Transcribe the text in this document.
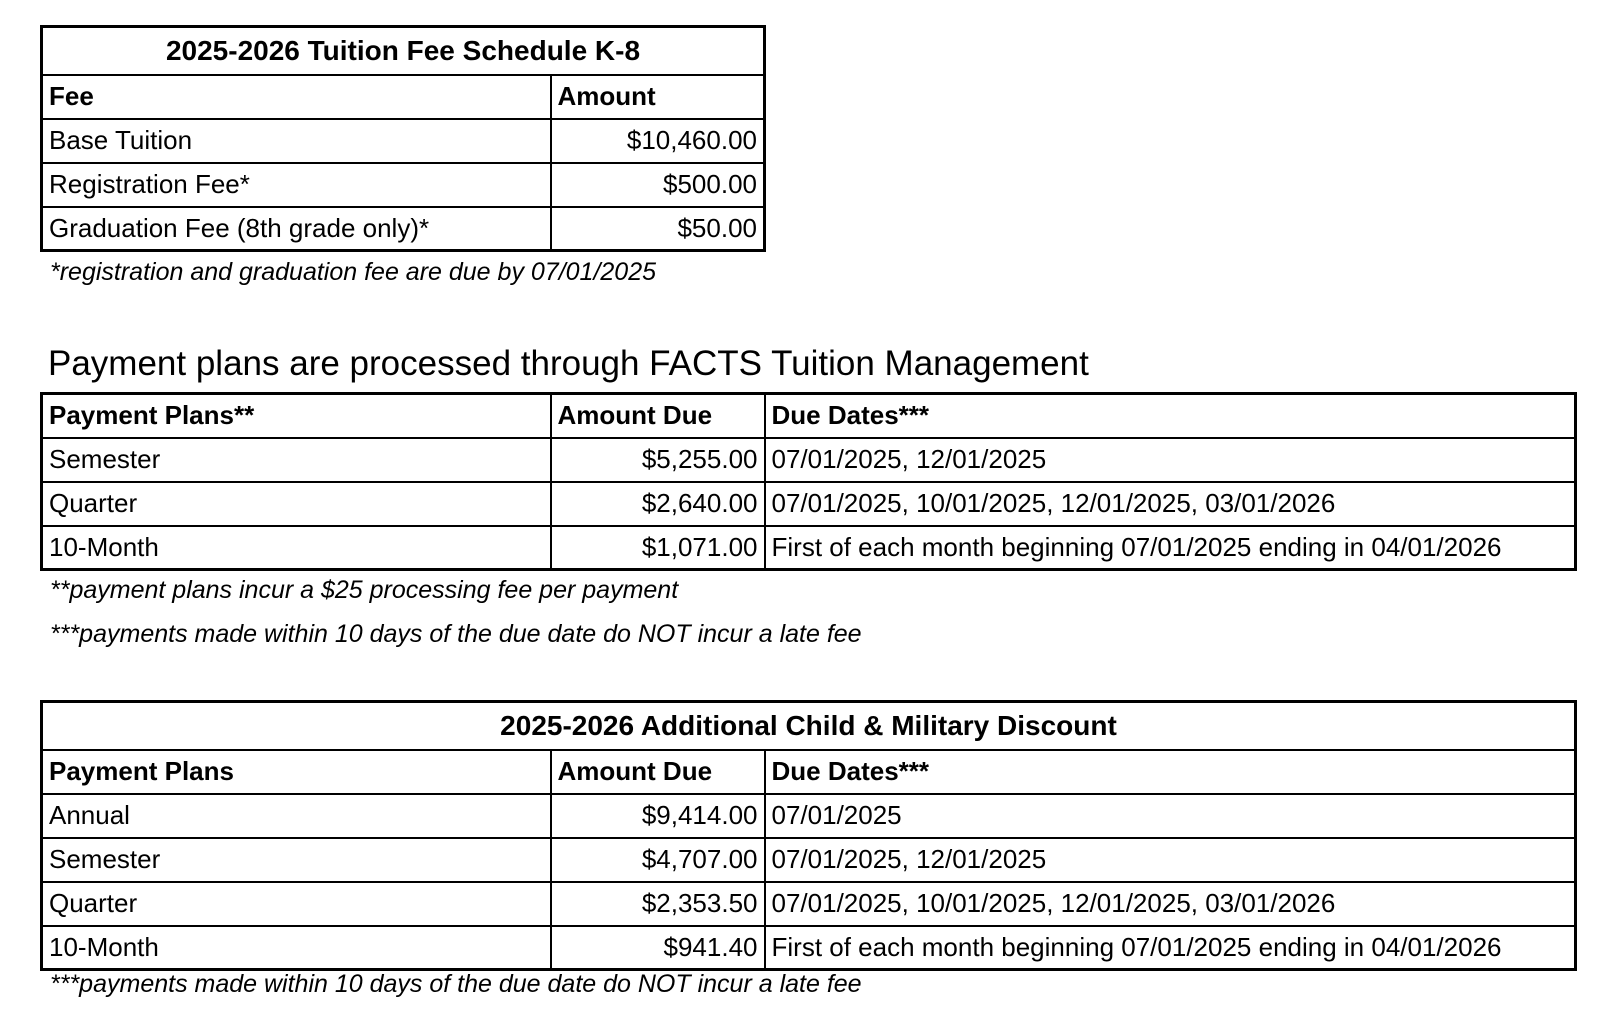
2025-2026 Tuition Fee Schedule K-8	
Fee	Amount
Base Tuition	$10,460.00
Registration Fee*	$500.00
Graduation Fee (8th grade only)*	$50.00
*registration and graduation fee are due by 07/01/2025
Payment plans are processed through FACTS Tuition Management
Payment Plans**	Amount Due	Due Dates***
Semester	$5,255.00	07/01/2025, 12/01/2025
Quarter	$2,640.00	07/01/2025, 10/01/2025, 12/01/2025, 03/01/2026
10-Month	$1,071.00	First of each month beginning 07/01/2025 ending in 04/01/2026
**payment plans incur a $25 processing fee per payment
***payments made within 10 days of the due date do NOT incur a late fee
2025-2026 Additional Child & Military Discount		
Payment Plans	Amount Due	Due Dates***
Annual	$9,414.00	07/01/2025
Semester	$4,707.00	07/01/2025, 12/01/2025
Quarter	$2,353.50	07/01/2025, 10/01/2025, 12/01/2025, 03/01/2026
10-Month	$941.40	First of each month beginning 07/01/2025 ending in 04/01/2026
***payments made within 10 days of the due date do NOT incur a late fee
